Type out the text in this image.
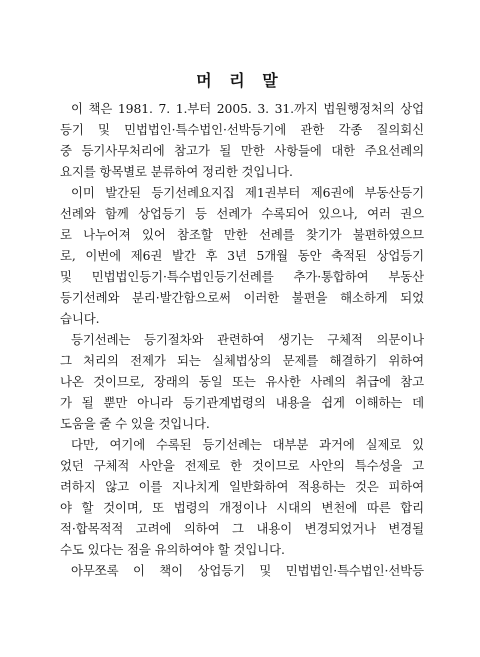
머 리 말
이 책은 1981. 7. 1.부터 2005. 3. 31.까지 법원행정처의 상업
등기 및 민법법인·특수법인·선박등기에 관한 각종 질의회신
중 등기사무처리에 참고가 될 만한 사항들에 대한 주요선례의
요지를 항목별로 분류하여 정리한 것입니다.
이미 발간된 등기선례요지집 제1권부터 제6권에 부동산등기
선례와 함께 상업등기 등 선례가 수록되어 있으나, 여러 권으
로 나누어져 있어 참조할 만한 선례를 찾기가 불편하였으므
로, 이번에 제6권 발간 후 3년 5개월 동안 축적된 상업등기
및 민법법인등기·특수법인등기선례를 추가·통합하여 부동산
등기선례와 분리·발간함으로써 이러한 불편을 해소하게 되었
습니다.
등기선례는 등기절차와 관련하여 생기는 구체적 의문이나
그 처리의 전제가 되는 실체법상의 문제를 해결하기 위하여
나온 것이므로, 장래의 동일 또는 유사한 사례의 취급에 참고
가 될 뿐만 아니라 등기관계법령의 내용을 쉽게 이해하는 데
도움을 줄 수 있을 것입니다.
다만, 여기에 수록된 등기선례는 대부분 과거에 실제로 있
었던 구체적 사안을 전제로 한 것이므로 사안의 특수성을 고
려하지 않고 이를 지나치게 일반화하여 적용하는 것은 피하여
야 할 것이며, 또 법령의 개정이나 시대의 변천에 따른 합리
적·합목적적 고려에 의하여 그 내용이 변경되었거나 변경될
수도 있다는 점을 유의하여야 할 것입니다.
아무쪼록 이 책이 상업등기 및 민법법인·특수법인·선박등
